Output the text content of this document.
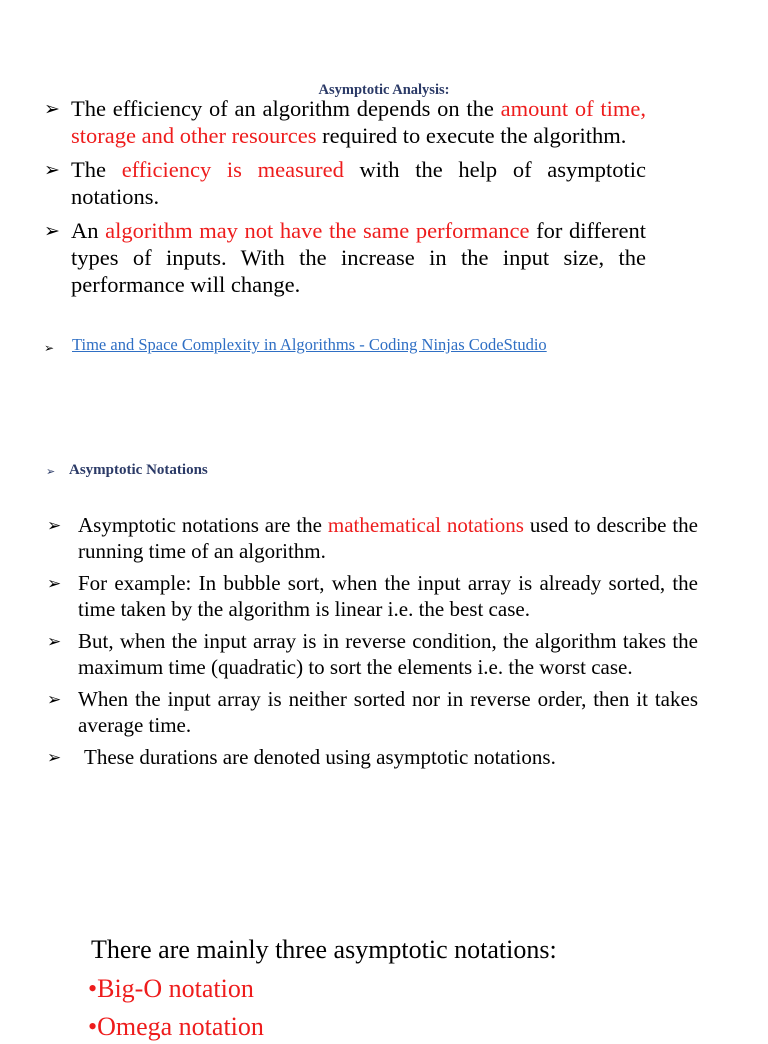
Asymptotic Analysis:
➢ The efficiency of an algorithm depends on the amount of time, storage and other resources required to execute the algorithm.
➢ The efficiency is measured with the help of asymptotic notations.
➢ An algorithm may not have the same performance for different types of inputs. With the increase in the input size, the performance will change.
➢ Time and Space Complexity in Algorithms - Coding Ninjas CodeStudio
➢ Asymptotic Notations
➢ Asymptotic notations are the mathematical notations used to describe the running time of an algorithm.
➢ For example: In bubble sort, when the input array is already sorted, the time taken by the algorithm is linear i.e. the best case.
➢ But, when the input array is in reverse condition, the algorithm takes the maximum time (quadratic) to sort the elements i.e. the worst case.
➢ When the input array is neither sorted nor in reverse order, then it takes average time.
➢ These durations are denoted using asymptotic notations.
There are mainly three asymptotic notations:
•Big-O notation
•Omega notation
